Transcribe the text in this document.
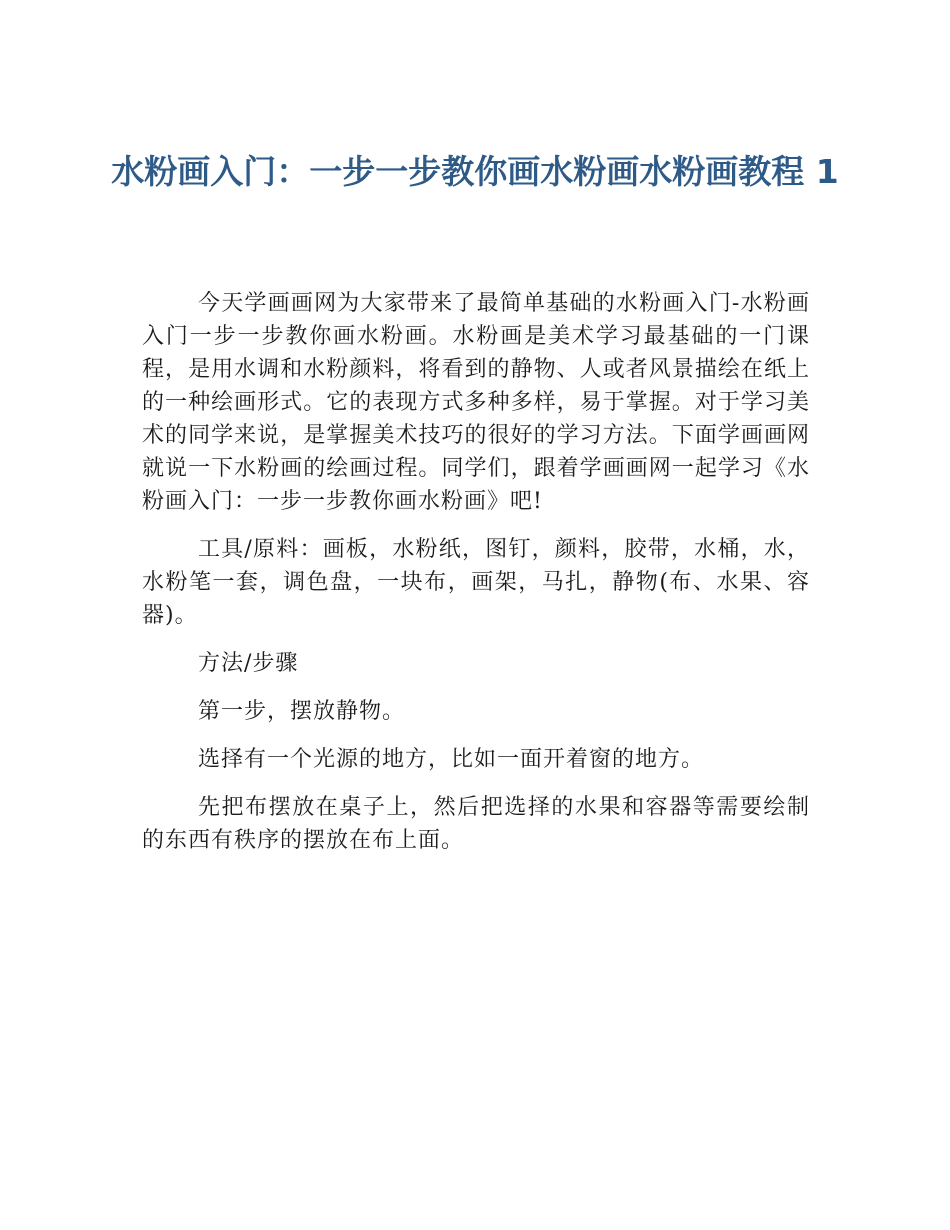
水粉画入门：一步一步教你画水粉画水粉画教程 1

今天学画画网为大家带来了最简单基础的水粉画入门-水粉画入门一步一步教你画水粉画。水粉画是美术学习最基础的一门课程，是用水调和水粉颜料，将看到的静物、人或者风景描绘在纸上的一种绘画形式。它的表现方式多种多样，易于掌握。对于学习美术的同学来说，是掌握美术技巧的很好的学习方法。下面学画画网就说一下水粉画的绘画过程。同学们，跟着学画画网一起学习《水粉画入门：一步一步教你画水粉画》吧!

工具/原料：画板，水粉纸，图钉，颜料，胶带，水桶，水，水粉笔一套，调色盘，一块布，画架，马扎，静物(布、水果、容器)。

方法/步骤

第一步，摆放静物。

选择有一个光源的地方，比如一面开着窗的地方。

先把布摆放在桌子上，然后把选择的水果和容器等需要绘制的东西有秩序的摆放在布上面。
